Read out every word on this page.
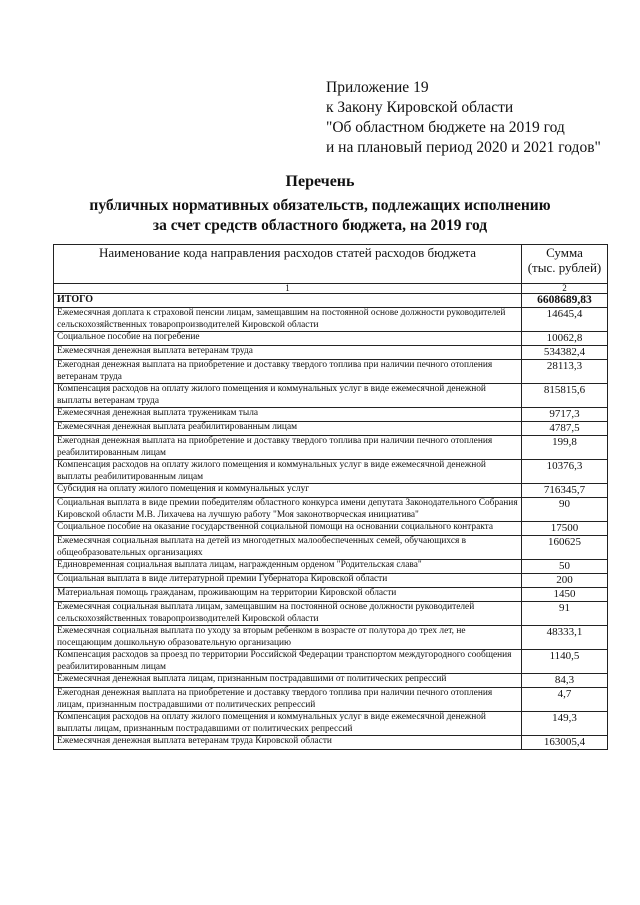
Приложение 19
к Закону Кировской области
"Об областном бюджете на 2019 год
и на плановый период 2020 и 2021 годов"
Перечень
публичных нормативных обязательств, подлежащих исполнению
за счет средств областного бюджета, на 2019 год
Наименование кода направления расходов статей расходов бюджета	Сумма
(тыс. рублей)

1	2
ИТОГО	6608689,83
Ежемесячная доплата к страховой пенсии лицам, замещавшим на постоянной основе должности руководителей сельскохозяйственных товаропроизводителей Кировской области	14645,4
Социальное пособие на погребение	10062,8
Ежемесячная денежная выплата ветеранам труда	534382,4
Ежегодная денежная выплата на приобретение и доставку твердого топлива при наличии печного отопления ветеранам труда	28113,3
Компенсация расходов на оплату жилого помещения и коммунальных услуг в виде ежемесячной денежной выплаты ветеранам труда	815815,6
Ежемесячная денежная выплата труженикам тыла	9717,3
Ежемесячная денежная выплата реабилитированным лицам	4787,5
Ежегодная денежная выплата на приобретение и доставку твердого топлива при наличии печного отопления реабилитированным лицам	199,8
Компенсация расходов на оплату жилого помещения и коммунальных услуг в виде ежемесячной денежной выплаты реабилитированным лицам	10376,3
Субсидия на оплату жилого помещения и коммунальных услуг	716345,7
Социальная выплата в виде премии победителям областного конкурса имени депутата Законодательного Собрания Кировской области М.В. Лихачева на лучшую работу "Моя законотворческая инициатива"	90
Социальное пособие на оказание государственной социальной помощи на основании социального контракта	17500
Ежемесячная социальная выплата на детей из многодетных малообеспеченных семей, обучающихся в общеобразовательных организациях	160625
Единовременная социальная выплата лицам, награжденным орденом "Родительская слава"	50
Социальная выплата в виде литературной премии Губернатора Кировской области	200
Материальная помощь гражданам, проживающим на территории Кировской области	1450
Ежемесячная социальная выплата лицам, замещавшим на постоянной основе должности руководителей сельскохозяйственных товаропроизводителей Кировской области	91
Ежемесячная социальная выплата по уходу за вторым ребенком в возрасте от полутора до трех лет, не посещающим дошкольную образовательную организацию	48333,1
Компенсация расходов за проезд по территории Российской Федерации транспортом междугородного сообщения реабилитированным лицам	1140,5
Ежемесячная денежная выплата лицам, признанным пострадавшими от политических репрессий	84,3
Ежегодная денежная выплата на приобретение и доставку твердого топлива при наличии печного отопления лицам, признанным пострадавшими от политических репрессий	4,7
Компенсация расходов на оплату жилого помещения и коммунальных услуг в виде ежемесячной денежной выплаты лицам, признанным пострадавшими от политических репрессий	149,3
Ежемесячная денежная выплата ветеранам труда Кировской области	163005,4
